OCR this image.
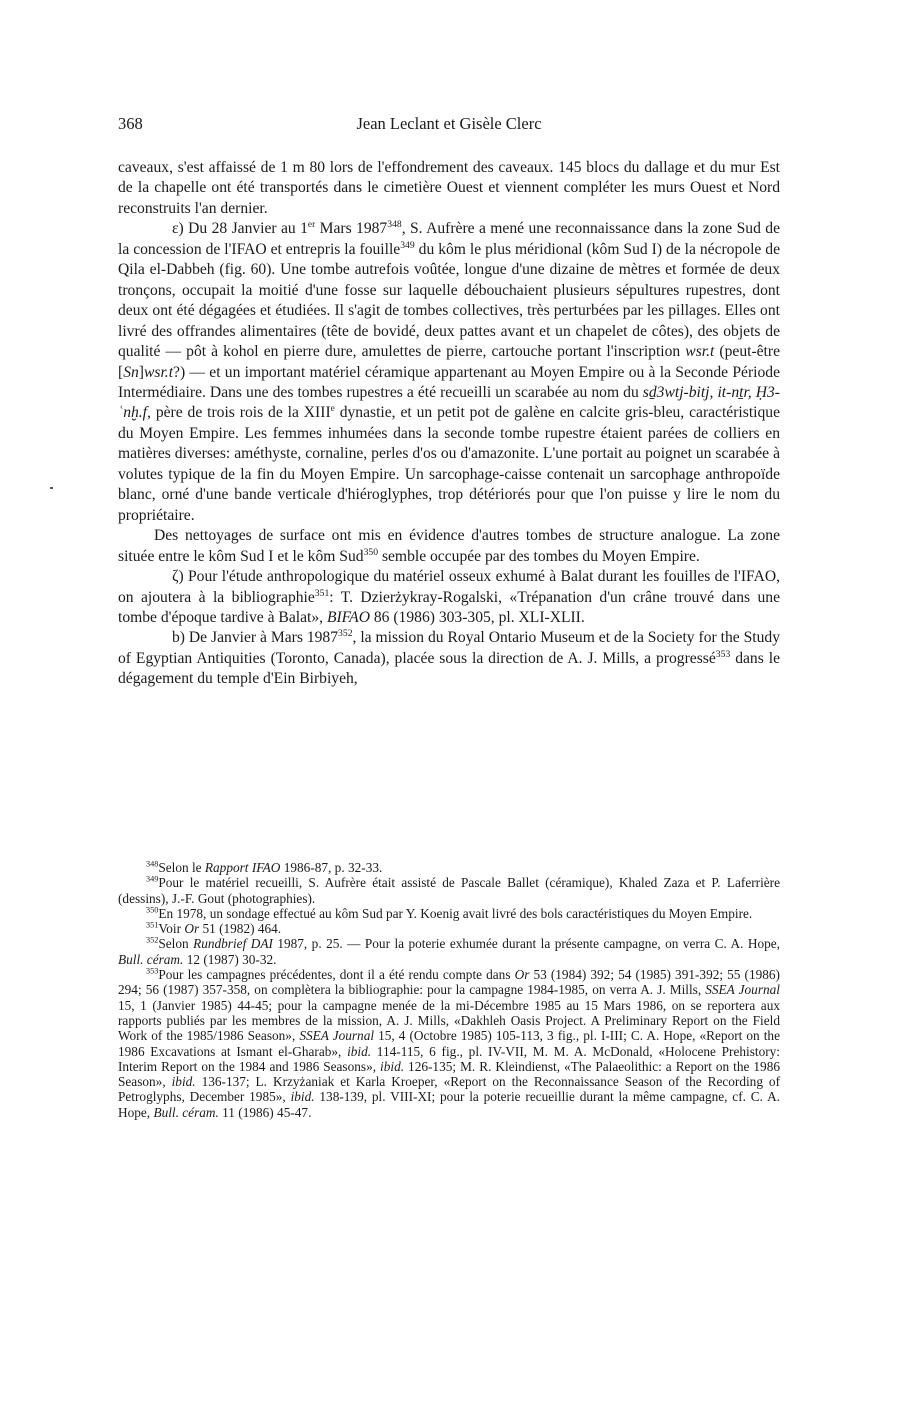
368	Jean Leclant et Gisèle Clerc

caveaux, s'est affaissé de 1 m 80 lors de l'effondrement des caveaux. 145 blocs du dallage et du mur Est de la chapelle ont été transportés dans le cimetière Ouest et viennent compléter les murs Ouest et Nord reconstruits l'an dernier.

ε) Du 28 Janvier au 1er Mars 1987$^{348}$, S. Aufrère a mené une reconnaissance dans la zone Sud de la concession de l'IFAO et entrepris la fouille$^{349}$ du kôm le plus méridional (kôm Sud I) de la nécropole de Qila el-Dabbeh (fig. 60). Une tombe autrefois voûtée, longue d'une dizaine de mètres et formée de deux tronçons, occupait la moitié d'une fosse sur laquelle débouchaient plusieurs sépultures rupestres, dont deux ont été dégagées et étudiées. Il s'agit de tombes collectives, très perturbées par les pillages. Elles ont livré des offrandes alimentaires (tête de bovidé, deux pattes avant et un chapelet de côtes), des objets de qualité — pôt à kohol en pierre dure, amulettes de pierre, cartouche portant l'inscription wsr.t (peut-être [Sn]wsr.t?) — et un important matériel céramique appartenant au Moyen Empire ou à la Seconde Période Intermédiaire. Dans une des tombes rupestres a été recueilli un scarabée au nom du sḏ3wtj-bitj, it-nṯr, Ḥ3-ʿnḫ.f, père de trois rois de la XIIIe dynastie, et un petit pot de galène en calcite gris-bleu, caractéristique du Moyen Empire. Les femmes inhumées dans la seconde tombe rupestre étaient parées de colliers en matières diverses: améthyste, cornaline, perles d'os ou d'amazonite. L'une portait au poignet un scarabée à volutes typique de la fin du Moyen Empire. Un sarcophage-caisse contenait un sarcophage anthropoïde blanc, orné d'une bande verticale d'hiéroglyphes, trop détériorés pour que l'on puisse y lire le nom du propriétaire.

Des nettoyages de surface ont mis en évidence d'autres tombes de structure analogue. La zone située entre le kôm Sud I et le kôm Sud$^{350}$ semble occupée par des tombes du Moyen Empire.

ζ) Pour l'étude anthropologique du matériel osseux exhumé à Balat durant les fouilles de l'IFAO, on ajoutera à la bibliographie$^{351}$: T. Dzierżykray-Rogalski, «Trépanation d'un crâne trouvé dans une tombe d'époque tardive à Balat», BIFAO 86 (1986) 303-305, pl. XLI-XLII.

b) De Janvier à Mars 1987$^{352}$, la mission du Royal Ontario Museum et de la Society for the Study of Egyptian Antiquities (Toronto, Canada), placée sous la direction de A. J. Mills, a progressé$^{353}$ dans le dégagement du temple d'Ein Birbiyeh,

$^{348}$Selon le Rapport IFAO 1986-87, p. 32-33.

$^{349}$Pour le matériel recueilli, S. Aufrère était assisté de Pascale Ballet (céramique), Khaled Zaza et P. Laferrière (dessins), J.-F. Gout (photographies).

$^{350}$En 1978, un sondage effectué au kôm Sud par Y. Koenig avait livré des bols caractéristiques du Moyen Empire.

$^{351}$Voir Or 51 (1982) 464.

$^{352}$Selon Rundbrief DAI 1987, p. 25. — Pour la poterie exhumée durant la présente campagne, on verra C. A. Hope, Bull. céram. 12 (1987) 30-32.

$^{353}$Pour les campagnes précédentes, dont il a été rendu compte dans Or 53 (1984) 392; 54 (1985) 391-392; 55 (1986) 294; 56 (1987) 357-358, on complètera la bibliographie: pour la campagne 1984-1985, on verra A. J. Mills, SSEA Journal 15, 1 (Janvier 1985) 44-45; pour la campagne menée de la mi-Décembre 1985 au 15 Mars 1986, on se reportera aux rapports publiés par les membres de la mission, A. J. Mills, «Dakhleh Oasis Project. A Preliminary Report on the Field Work of the 1985/1986 Season», SSEA Journal 15, 4 (Octobre 1985) 105-113, 3 fig., pl. I-III; C. A. Hope, «Report on the 1986 Excavations at Ismant el-Gharab», ibid. 114-115, 6 fig., pl. IV-VII, M. M. A. McDonald, «Holocene Prehistory: Interim Report on the 1984 and 1986 Seasons», ibid. 126-135; M. R. Kleindienst, «The Palaeolithic: a Report on the 1986 Season», ibid. 136-137; L. Krzyżaniak et Karla Kroeper, «Report on the Reconnaissance Season of the Recording of Petroglyphs, December 1985», ibid. 138-139, pl. VIII-XI; pour la poterie recueillie durant la même campagne, cf. C. A. Hope, Bull. céram. 11 (1986) 45-47.
